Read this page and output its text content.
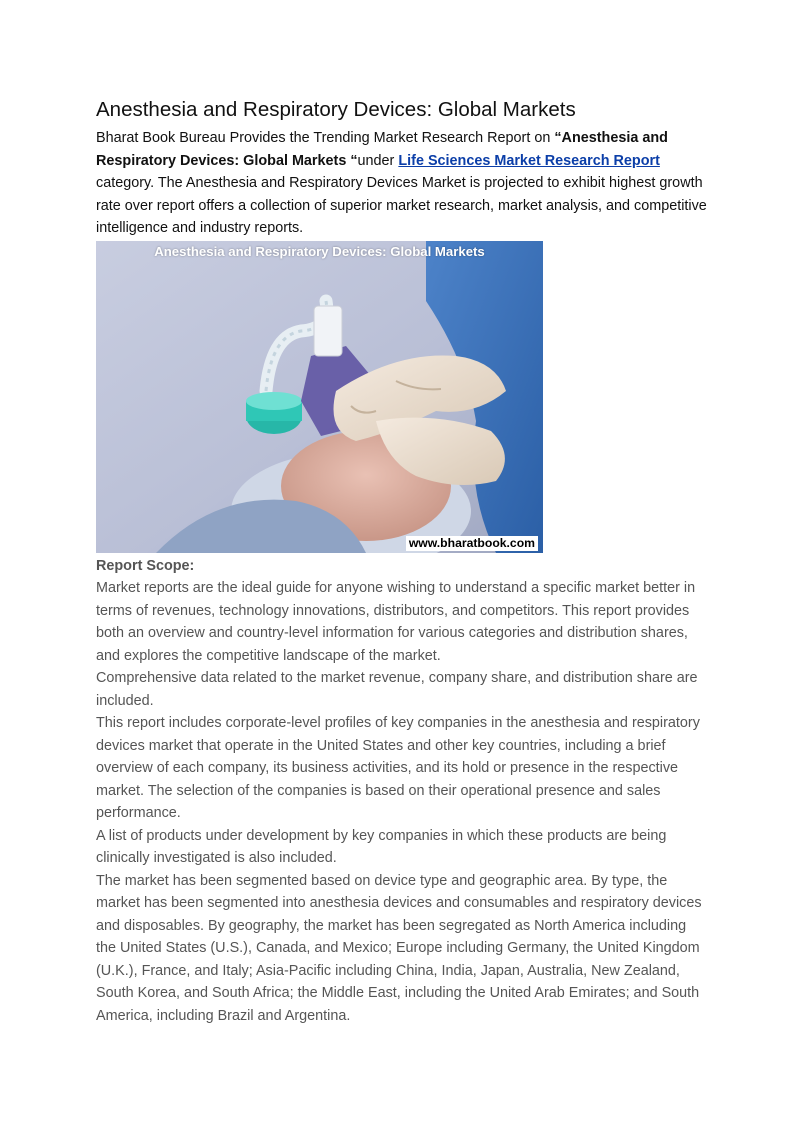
Anesthesia and Respiratory Devices: Global Markets

Bharat Book Bureau Provides the Trending Market Research Report on “Anesthesia and Respiratory Devices: Global Markets “under Life Sciences Market Research Report category. The Anesthesia and Respiratory Devices Market is projected to exhibit highest growth rate over report offers a collection of superior market research, market analysis, and competitive intelligence and industry reports.

Anesthesia and Respiratory Devices: Global Markets
www.bharatbook.com
Report Scope:

Market reports are the ideal guide for anyone wishing to understand a specific market better in terms of revenues, technology innovations, distributors, and competitors. This report provides both an overview and country-level information for various categories and distribution shares, and explores the competitive landscape of the market.

Comprehensive data related to the market revenue, company share, and distribution share are included.

This report includes corporate-level profiles of key companies in the anesthesia and respiratory devices market that operate in the United States and other key countries, including a brief overview of each company, its business activities, and its hold or presence in the respective market. The selection of the companies is based on their operational presence and sales performance.

A list of products under development by key companies in which these products are being clinically investigated is also included.

The market has been segmented based on device type and geographic area. By type, the market has been segmented into anesthesia devices and consumables and respiratory devices and disposables. By geography, the market has been segregated as North America including the United States (U.S.), Canada, and Mexico; Europe including Germany, the United Kingdom (U.K.), France, and Italy; Asia-Pacific including China, India, Japan, Australia, New Zealand, South Korea, and South Africa; the Middle East, including the United Arab Emirates; and South America, including Brazil and Argentina.
